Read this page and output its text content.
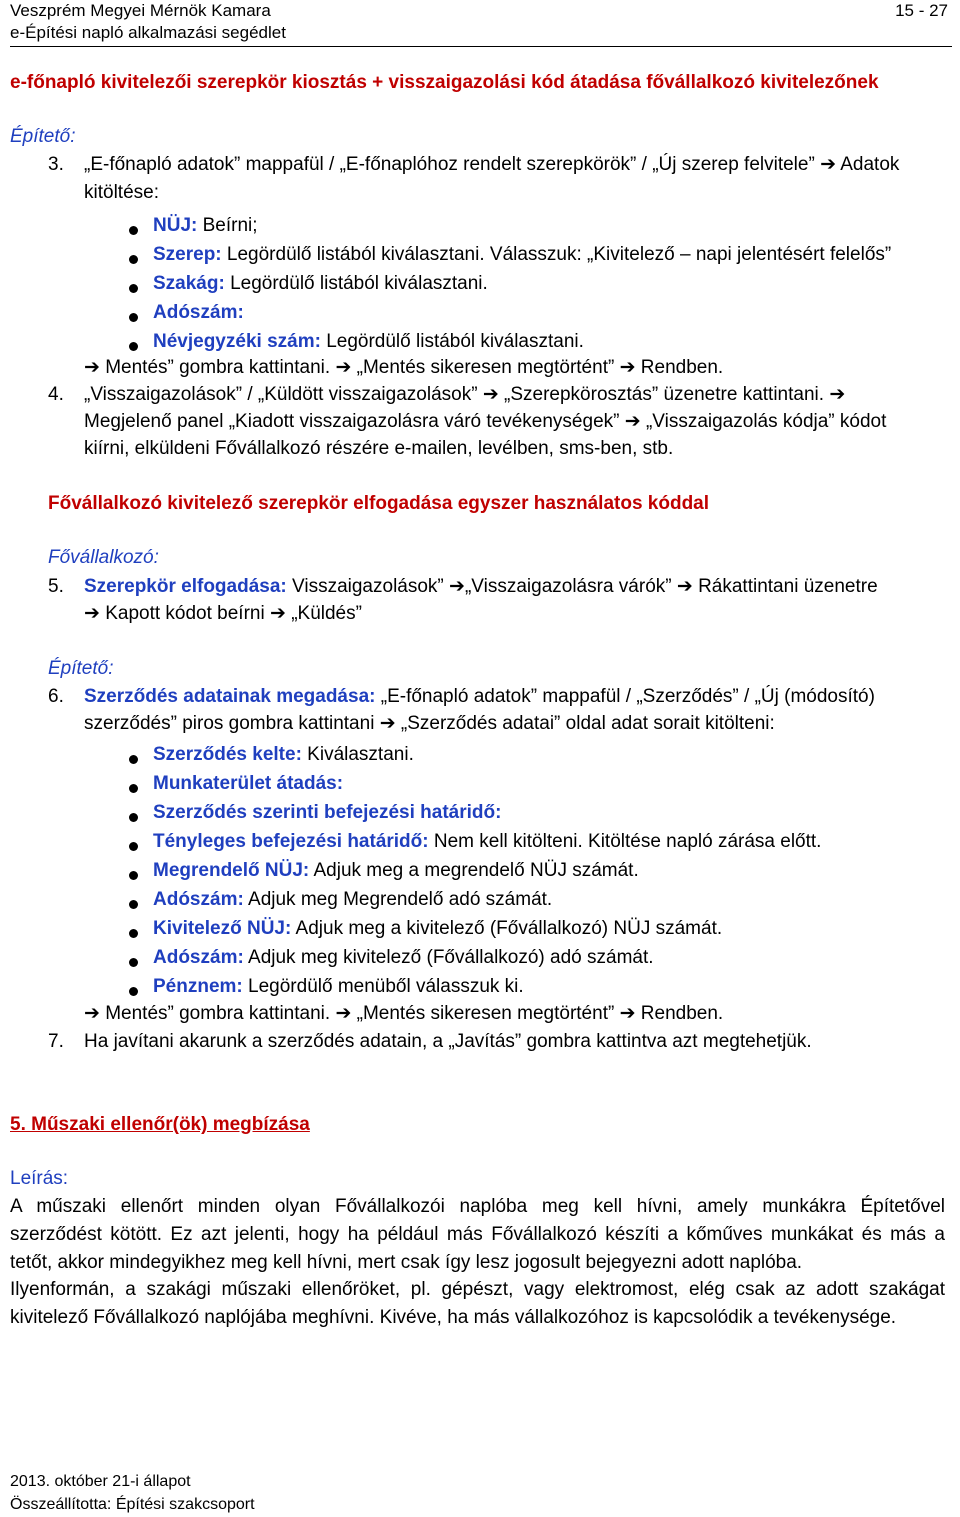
Veszprém Megyei Mérnök Kamara	15 - 27
e-Építési napló alkalmazási segédlet
e-főnapló kivitelezői szerepkör kiosztás + visszaigazolási kód átadása fővállalkozó kivitelezőnek
Építető:
3. „E-főnapló adatok” mappafül / „E-főnaplóhoz rendelt szerepkörök” / „Új szerep felvitele” ➔ Adatok
kitöltése:
NÜJ: Beírni;
Szerep: Legördülő listából kiválasztani. Válasszuk: „Kivitelező – napi jelentésért felelős”
Szakág: Legördülő listából kiválasztani.
Adószám:
Névjegyzéki szám: Legördülő listából kiválasztani.
➔ Mentés” gombra kattintani. ➔ „Mentés sikeresen megtörtént” ➔ Rendben.
4. „Visszaigazolások” / „Küldött visszaigazolások” ➔ „Szerepkörosztás” üzenetre kattintani. ➔
Megjelenő panel „Kiadott visszaigazolásra váró tevékenységek” ➔ „Visszaigazolás kódja” kódot
kiírni, elküldeni Fővállalkozó részére e-mailen, levélben, sms-ben, stb.
Fővállalkozó kivitelező szerepkör elfogadása egyszer használatos kóddal
Fővállalkozó:
5. Szerepkör elfogadása: Visszaigazolások” ➔„Visszaigazolásra várók” ➔ Rákattintani üzenetre
➔ Kapott kódot beírni ➔ „Küldés”
Építető:
6. Szerződés adatainak megadása: „E-főnapló adatok” mappafül / „Szerződés” / „Új (módosító)
szerződés” piros gombra kattintani ➔ „Szerződés adatai” oldal adat sorait kitölteni:
Szerződés kelte: Kiválasztani.
Munkaterület átadás:
Szerződés szerinti befejezési határidő:
Tényleges befejezési határidő: Nem kell kitölteni. Kitöltése napló zárása előtt.
Megrendelő NÜJ: Adjuk meg a megrendelő NÜJ számát.
Adószám: Adjuk meg Megrendelő adó számát.
Kivitelező NÜJ: Adjuk meg a kivitelező (Fővállalkozó) NÜJ számát.
Adószám: Adjuk meg kivitelező (Fővállalkozó) adó számát.
Pénznem: Legördülő menüből válasszuk ki.
➔ Mentés” gombra kattintani. ➔ „Mentés sikeresen megtörtént” ➔ Rendben.
7. Ha javítani akarunk a szerződés adatain, a „Javítás” gombra kattintva azt megtehetjük.
5. Műszaki ellenőr(ök) megbízása
Leírás:
A műszaki ellenőrt minden olyan Fővállalkozói naplóba meg kell hívni, amely munkákra Építetővel
szerződést kötött. Ez azt jelenti, hogy ha például más Fővállalkozó készíti a kőműves munkákat és más a
tetőt, akkor mindegyikhez meg kell hívni, mert csak így lesz jogosult bejegyezni adott naplóba.
Ilyenformán, a szakági műszaki ellenőröket, pl. gépészt, vagy elektromost, elég csak az adott szakágat
kivitelező Fővállalkozó naplójába meghívni. Kivéve, ha más vállalkozóhoz is kapcsolódik a tevékenysége.
2013. október 21-i állapot
Összeállította: Építési szakcsoport
